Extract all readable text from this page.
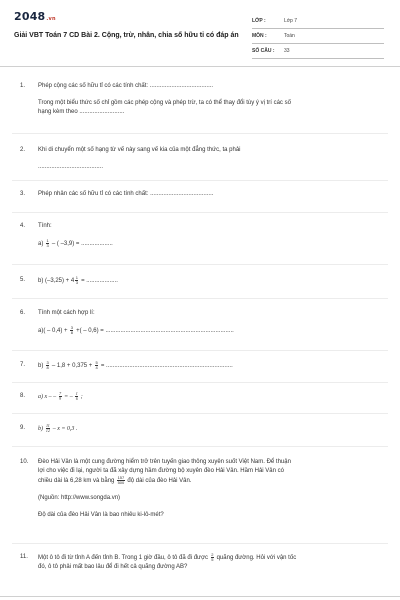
2048.vn
Giải VBT Toán 7 CD Bài 2. Cộng, trừ, nhân, chia số hữu tỉ có đáp án
LỚP :	Lớp 7
MÔN :	Toán
SỐ CÂU :	33
1.	Phép cộng các số hữu tỉ có các tính chất: ......................................
Trong một biểu thức số chỉ gồm các phép cộng và phép trừ, ta có thể thay đổi tùy ý vị trí các số
hạng kèm theo ...........................
2.	Khi di chuyển một số hạng từ vế này sang vế kia của một đẳng thức, ta phải
.......................................
3.	Phép nhân các số hữu tỉ có các tính chất: ......................................
4.	Tính:
$a) \frac{1}{3}$ – ( –3,9) = ...................
5.	b) $(-3,25) + 4 \frac{1}{3}$ = ...................
6.	Tính một cách hợp lí:
$a)( - 0,4) + \frac{3}{8}$ +( – 0,6) = .............................................................................
7.	$b) \frac{3}{8} - 1,8 + 0,375 + \frac{5}{4}$ = ............................................................................
8.	a) x – – $\frac{7}{9}$ = – $\frac{1}{6}$ ;
9.	$b) \frac{11}{12} - x = 0,3$ .
10.	Đèo Hải Vân là một cung đường hiểm trở trên tuyến giao thông xuyên suốt Việt Nam. Để thuận
lợi cho việc đi lại, người ta đã xây dựng hầm đường bộ xuyên đèo Hải Vân. Hầm Hải Vân có
chiều dài là 6,28 km và bằng $\frac{157}{500}$ độ dài của đèo Hải Vân.
(Nguồn: http://www.songda.vn)
Độ dài của đèo Hải Vân là bao nhiêu ki-lô-mét?
11.	Một ô tô đi từ tỉnh A đến tỉnh B. Trong 1 giờ đầu, ô tô đã đi được $\frac{2}{5}$ quãng đường. Hỏi với vận tốc
đó, ô tô phải mất bao lâu để đi hết cả quãng đường AB?
